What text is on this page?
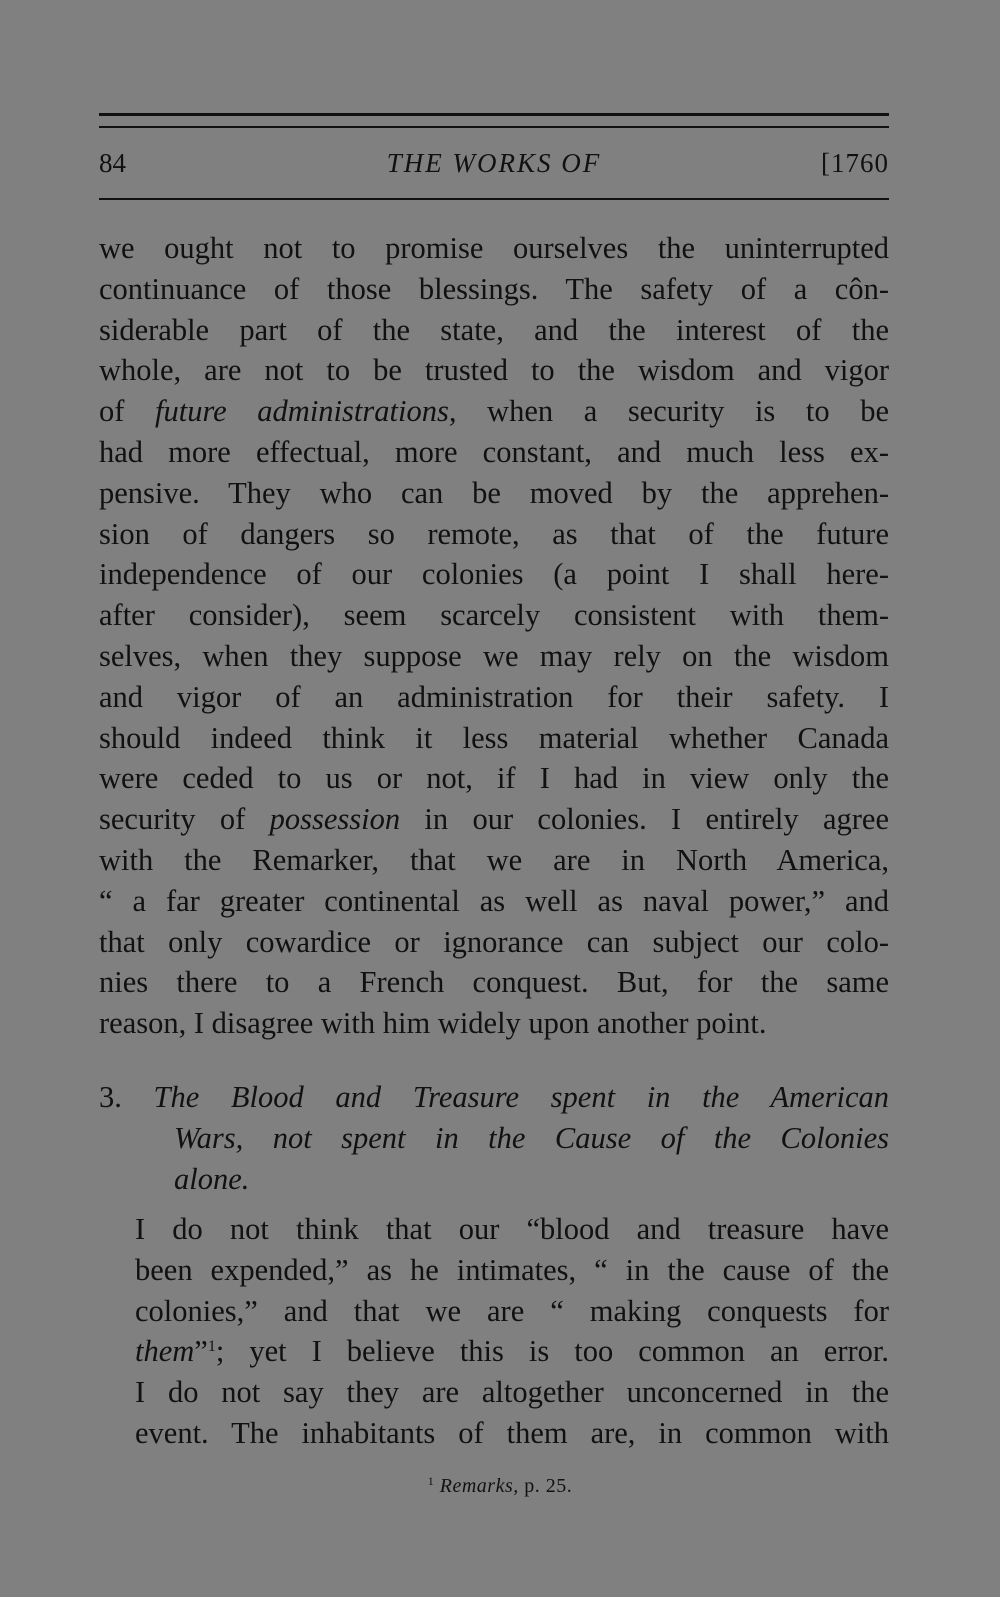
84	THE WORKS OF	[1760

we ought not to promise ourselves the uninterrupted
continuance of those blessings. The safety of a côn-
siderable part of the state, and the interest of the
whole, are not to be trusted to the wisdom and vigor
of future administrations, when a security is to be
had more effectual, more constant, and much less ex-
pensive. They who can be moved by the apprehen-
sion of dangers so remote, as that of the future
independence of our colonies (a point I shall here-
after consider), seem scarcely consistent with them-
selves, when they suppose we may rely on the wisdom
and vigor of an administration for their safety. I
should indeed think it less material whether Canada
were ceded to us or not, if I had in view only the
security of possession in our colonies. I entirely agree
with the Remarker, that we are in North America,
“ a far greater continental as well as naval power,” and
that only cowardice or ignorance can subject our colo-
nies there to a French conquest. But, for the same
reason, I disagree with him widely upon another point.

3. The Blood and Treasure spent in the American
Wars, not spent in the Cause of the Colonies
alone.

I do not think that our “blood and treasure have
been expended,” as he intimates, “ in the cause of the
colonies,” and that we are “ making conquests for
them”$^1$; yet I believe this is too common an error.
I do not say they are altogether unconcerned in the
event. The inhabitants of them are, in common with

$^1$ Remarks, p. 25.
